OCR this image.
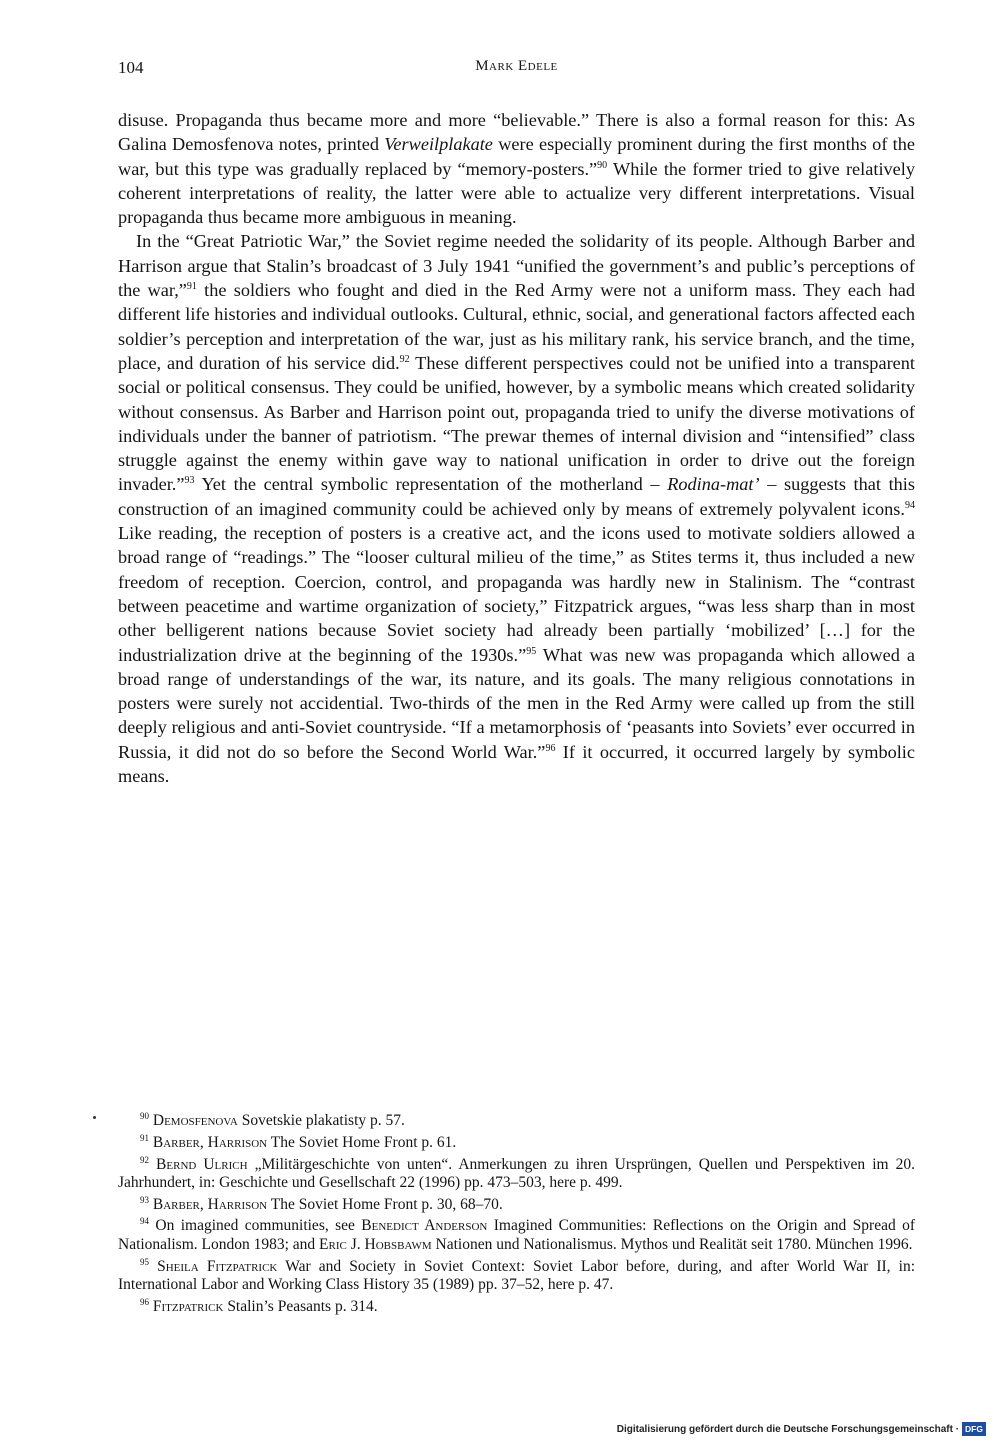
104	Mark Edele

disuse. Propaganda thus became more and more “believable.” There is also a formal reason for this: As Galina Demosfenova notes, printed Verweilplakate were especially prominent during the first months of the war, but this type was gradually replaced by “memory-posters.”$^{90}$ While the former tried to give relatively coherent interpretations of reality, the latter were able to actualize very different interpretations. Visual propaganda thus became more ambiguous in meaning.

In the “Great Patriotic War,” the Soviet regime needed the solidarity of its people. Although Barber and Harrison argue that Stalin’s broadcast of 3 July 1941 “unified the government’s and public’s perceptions of the war,”$^{91}$ the soldiers who fought and died in the Red Army were not a uniform mass. They each had different life histories and individual outlooks. Cultural, ethnic, social, and generational factors affected each soldier’s perception and interpretation of the war, just as his military rank, his service branch, and the time, place, and duration of his service did.$^{92}$ These different perspectives could not be unified into a transparent social or political consensus. They could be unified, however, by a symbolic means which created solidarity without consensus. As Barber and Harrison point out, propaganda tried to unify the diverse motivations of individuals under the banner of patriotism. “The prewar themes of internal division and “intensified” class struggle against the enemy within gave way to national unification in order to drive out the foreign invader.”$^{93}$ Yet the central symbolic representation of the motherland – Rodina-mat’ – suggests that this construction of an imagined community could be achieved only by means of extremely polyvalent icons.$^{94}$ Like reading, the reception of posters is a creative act, and the icons used to motivate soldiers allowed a broad range of “readings.” The “looser cultural milieu of the time,” as Stites terms it, thus included a new freedom of reception. Coercion, control, and propaganda was hardly new in Stalinism. The “contrast between peacetime and wartime organization of society,” Fitzpatrick argues, “was less sharp than in most other belligerent nations because Soviet society had already been partially ‘mobilized’ […] for the industrialization drive at the beginning of the 1930s.”$^{95}$ What was new was propaganda which allowed a broad range of understandings of the war, its nature, and its goals. The many religious connotations in posters were surely not accidential. Two-thirds of the men in the Red Army were called up from the still deeply religious and anti-Soviet countryside. “If a metamorphosis of ‘peasants into Soviets’ ever occurred in Russia, it did not do so before the Second World War.”$^{96}$ If it occurred, it occurred largely by symbolic means.

$^{90}$ Demosfenova Sovetskie plakatisty p. 57.

$^{91}$ Barber, Harrison The Soviet Home Front p. 61.

$^{92}$ Bernd Ulrich „Militärgeschichte von unten“. Anmerkungen zu ihren Ursprüngen, Quellen und Perspektiven im 20. Jahrhundert, in: Geschichte und Gesellschaft 22 (1996) pp. 473–503, here p. 499.

$^{93}$ Barber, Harrison The Soviet Home Front p. 30, 68–70.

$^{94}$ On imagined communities, see Benedict Anderson Imagined Communities: Reflections on the Origin and Spread of Nationalism. London 1983; and Eric J. Hobsbawm Nationen und Nationalismus. Mythos und Realität seit 1780. München 1996.

$^{95}$ Sheila Fitzpatrick War and Society in Soviet Context: Soviet Labor before, during, and after World War II, in: International Labor and Working Class History 35 (1989) pp. 37–52, here p. 47.

$^{96}$ Fitzpatrick Stalin’s Peasants p. 314.

Digitalisierung gefördert durch die Deutsche Forschungsgemeinschaft · DFG
